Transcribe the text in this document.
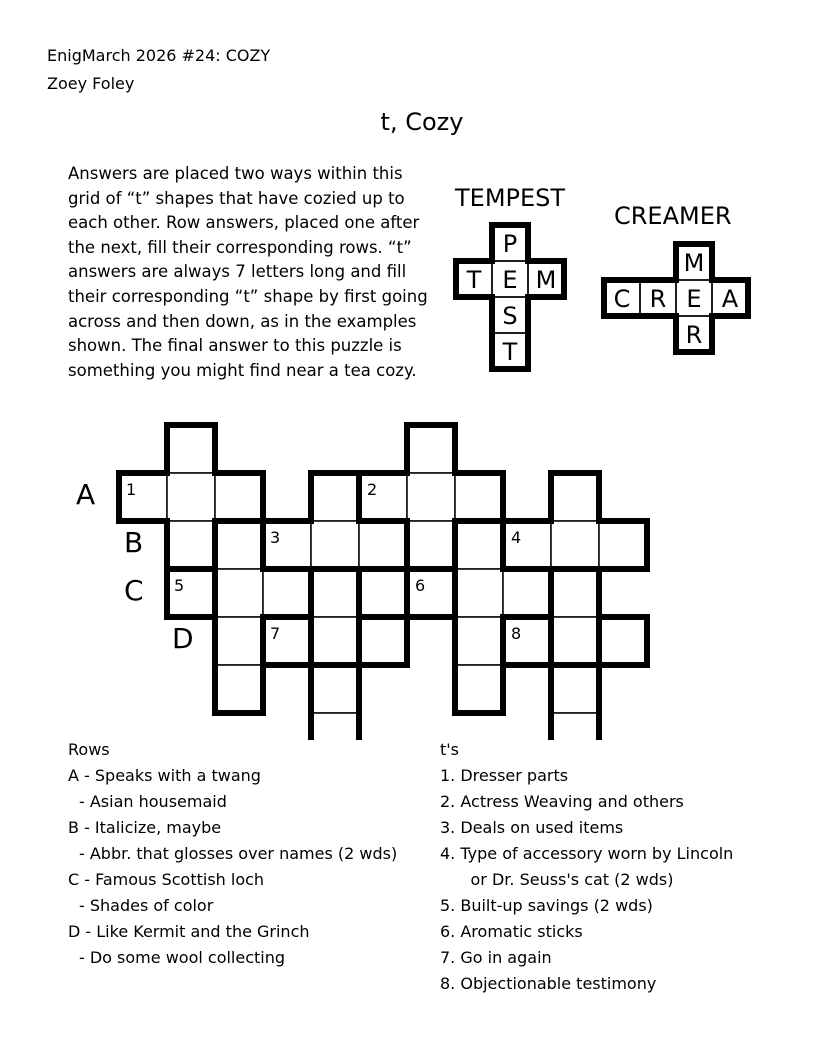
EnigMarch 2026 #24: COZY
Zoey Foley
t, Cozy
Answers are placed two ways within this
grid of “t” shapes that have cozied up to
each other. Row answers, placed one after
the next, fill their corresponding rows. “t”
answers are always 7 letters long and fill
their corresponding “t” shape by first going
across and then down, as in the examples
shown. The final answer to this puzzle is
something you might find near a tea cozy.
TEMPEST
P
T E M
S
T
CREAMER
M
C R E A
R
A
B
C
D
1	2
3	4
5	6
7	8
Rows
A - Speaks with a twang
- Asian housemaid
B - Italicize, maybe
- Abbr. that glosses over names (2 wds)
C - Famous Scottish loch
- Shades of color
D - Like Kermit and the Grinch
- Do some wool collecting
t's
1. Dresser parts
2. Actress Weaving and others
3. Deals on used items
4. Type of accessory worn by Lincoln
or Dr. Seuss's cat (2 wds)
5. Built-up savings (2 wds)
6. Aromatic sticks
7. Go in again
8. Objectionable testimony
